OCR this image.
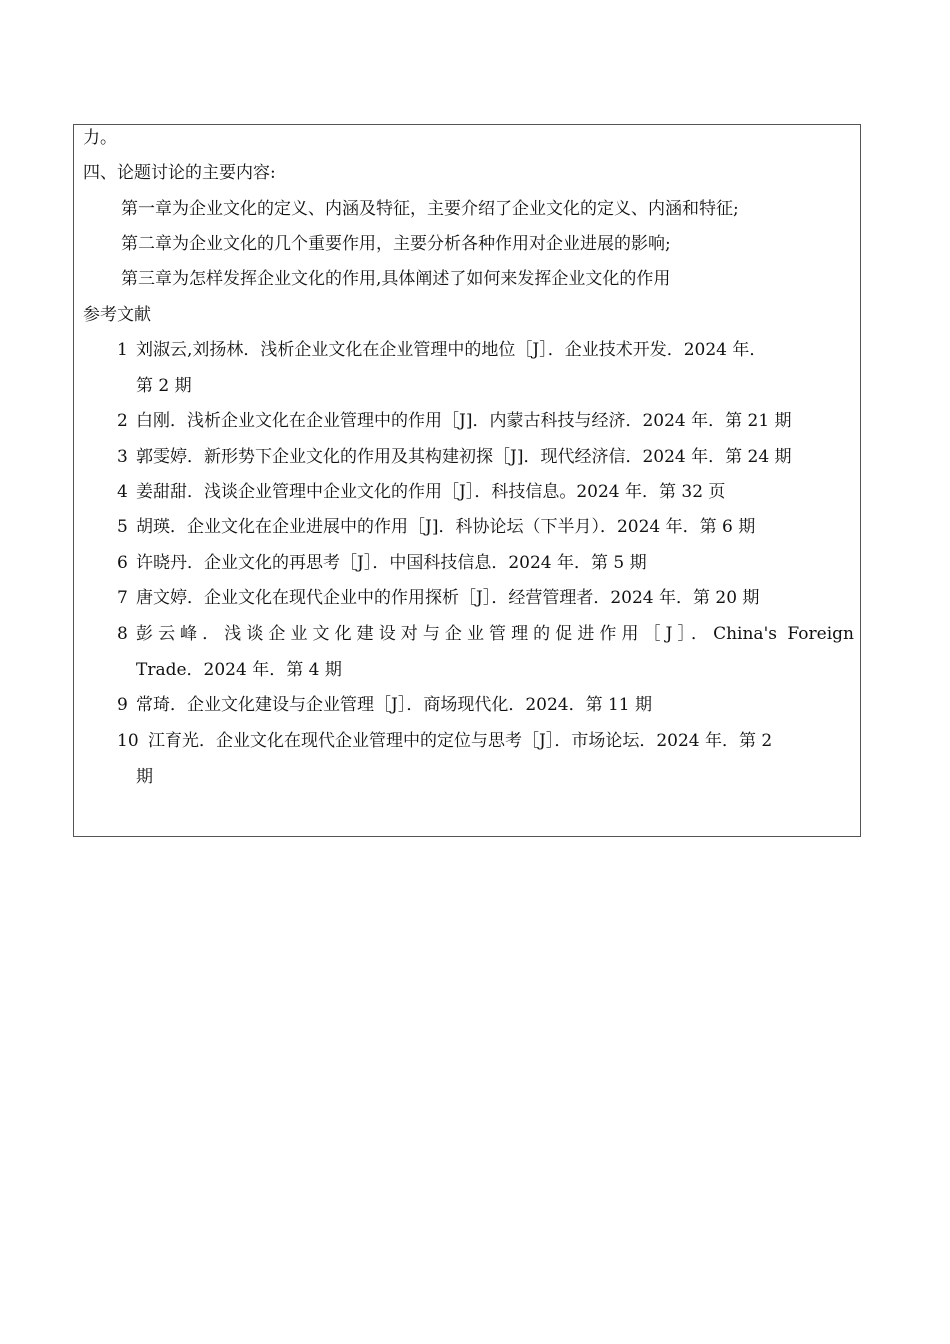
力。
四、论题讨论的主要内容:
第一章为企业文化的定义、内涵及特征，主要介绍了企业文化的定义、内涵和特征;
第二章为企业文化的几个重要作用，主要分析各种作用对企业进展的影响;
第三章为怎样发挥企业文化的作用,具体阐述了如何来发挥企业文化的作用
参考文献
1 刘淑云,刘扬林．浅析企业文化在企业管理中的地位［J］．企业技术开发．2024 年．
第 2 期
2 白刚．浅析企业文化在企业管理中的作用［J]．内蒙古科技与经济．2024 年．第 21 期
3 郭雯婷．新形势下企业文化的作用及其构建初探［J]．现代经济信．2024 年．第 24 期
4 姜甜甜．浅谈企业管理中企业文化的作用［J］．科技信息。2024 年．第 32 页
5 胡瑛．企业文化在企业进展中的作用［J]．科协论坛（下半月）．2024 年．第 6 期
6 许晓丹．企业文化的再思考［J］．中国科技信息．2024 年．第 5 期
7 唐文婷．企业文化在现代企业中的作用探析［J］．经营管理者．2024 年．第 20 期
8 彭云峰．浅谈企业文化建设对与企业管理的促进作用［J］．China's Foreign
Trade．2024 年．第 4 期
9 常琦．企业文化建设与企业管理［J］．商场现代化．2024．第 11 期
10 江育光．企业文化在现代企业管理中的定位与思考［J］．市场论坛．2024 年．第 2
期
